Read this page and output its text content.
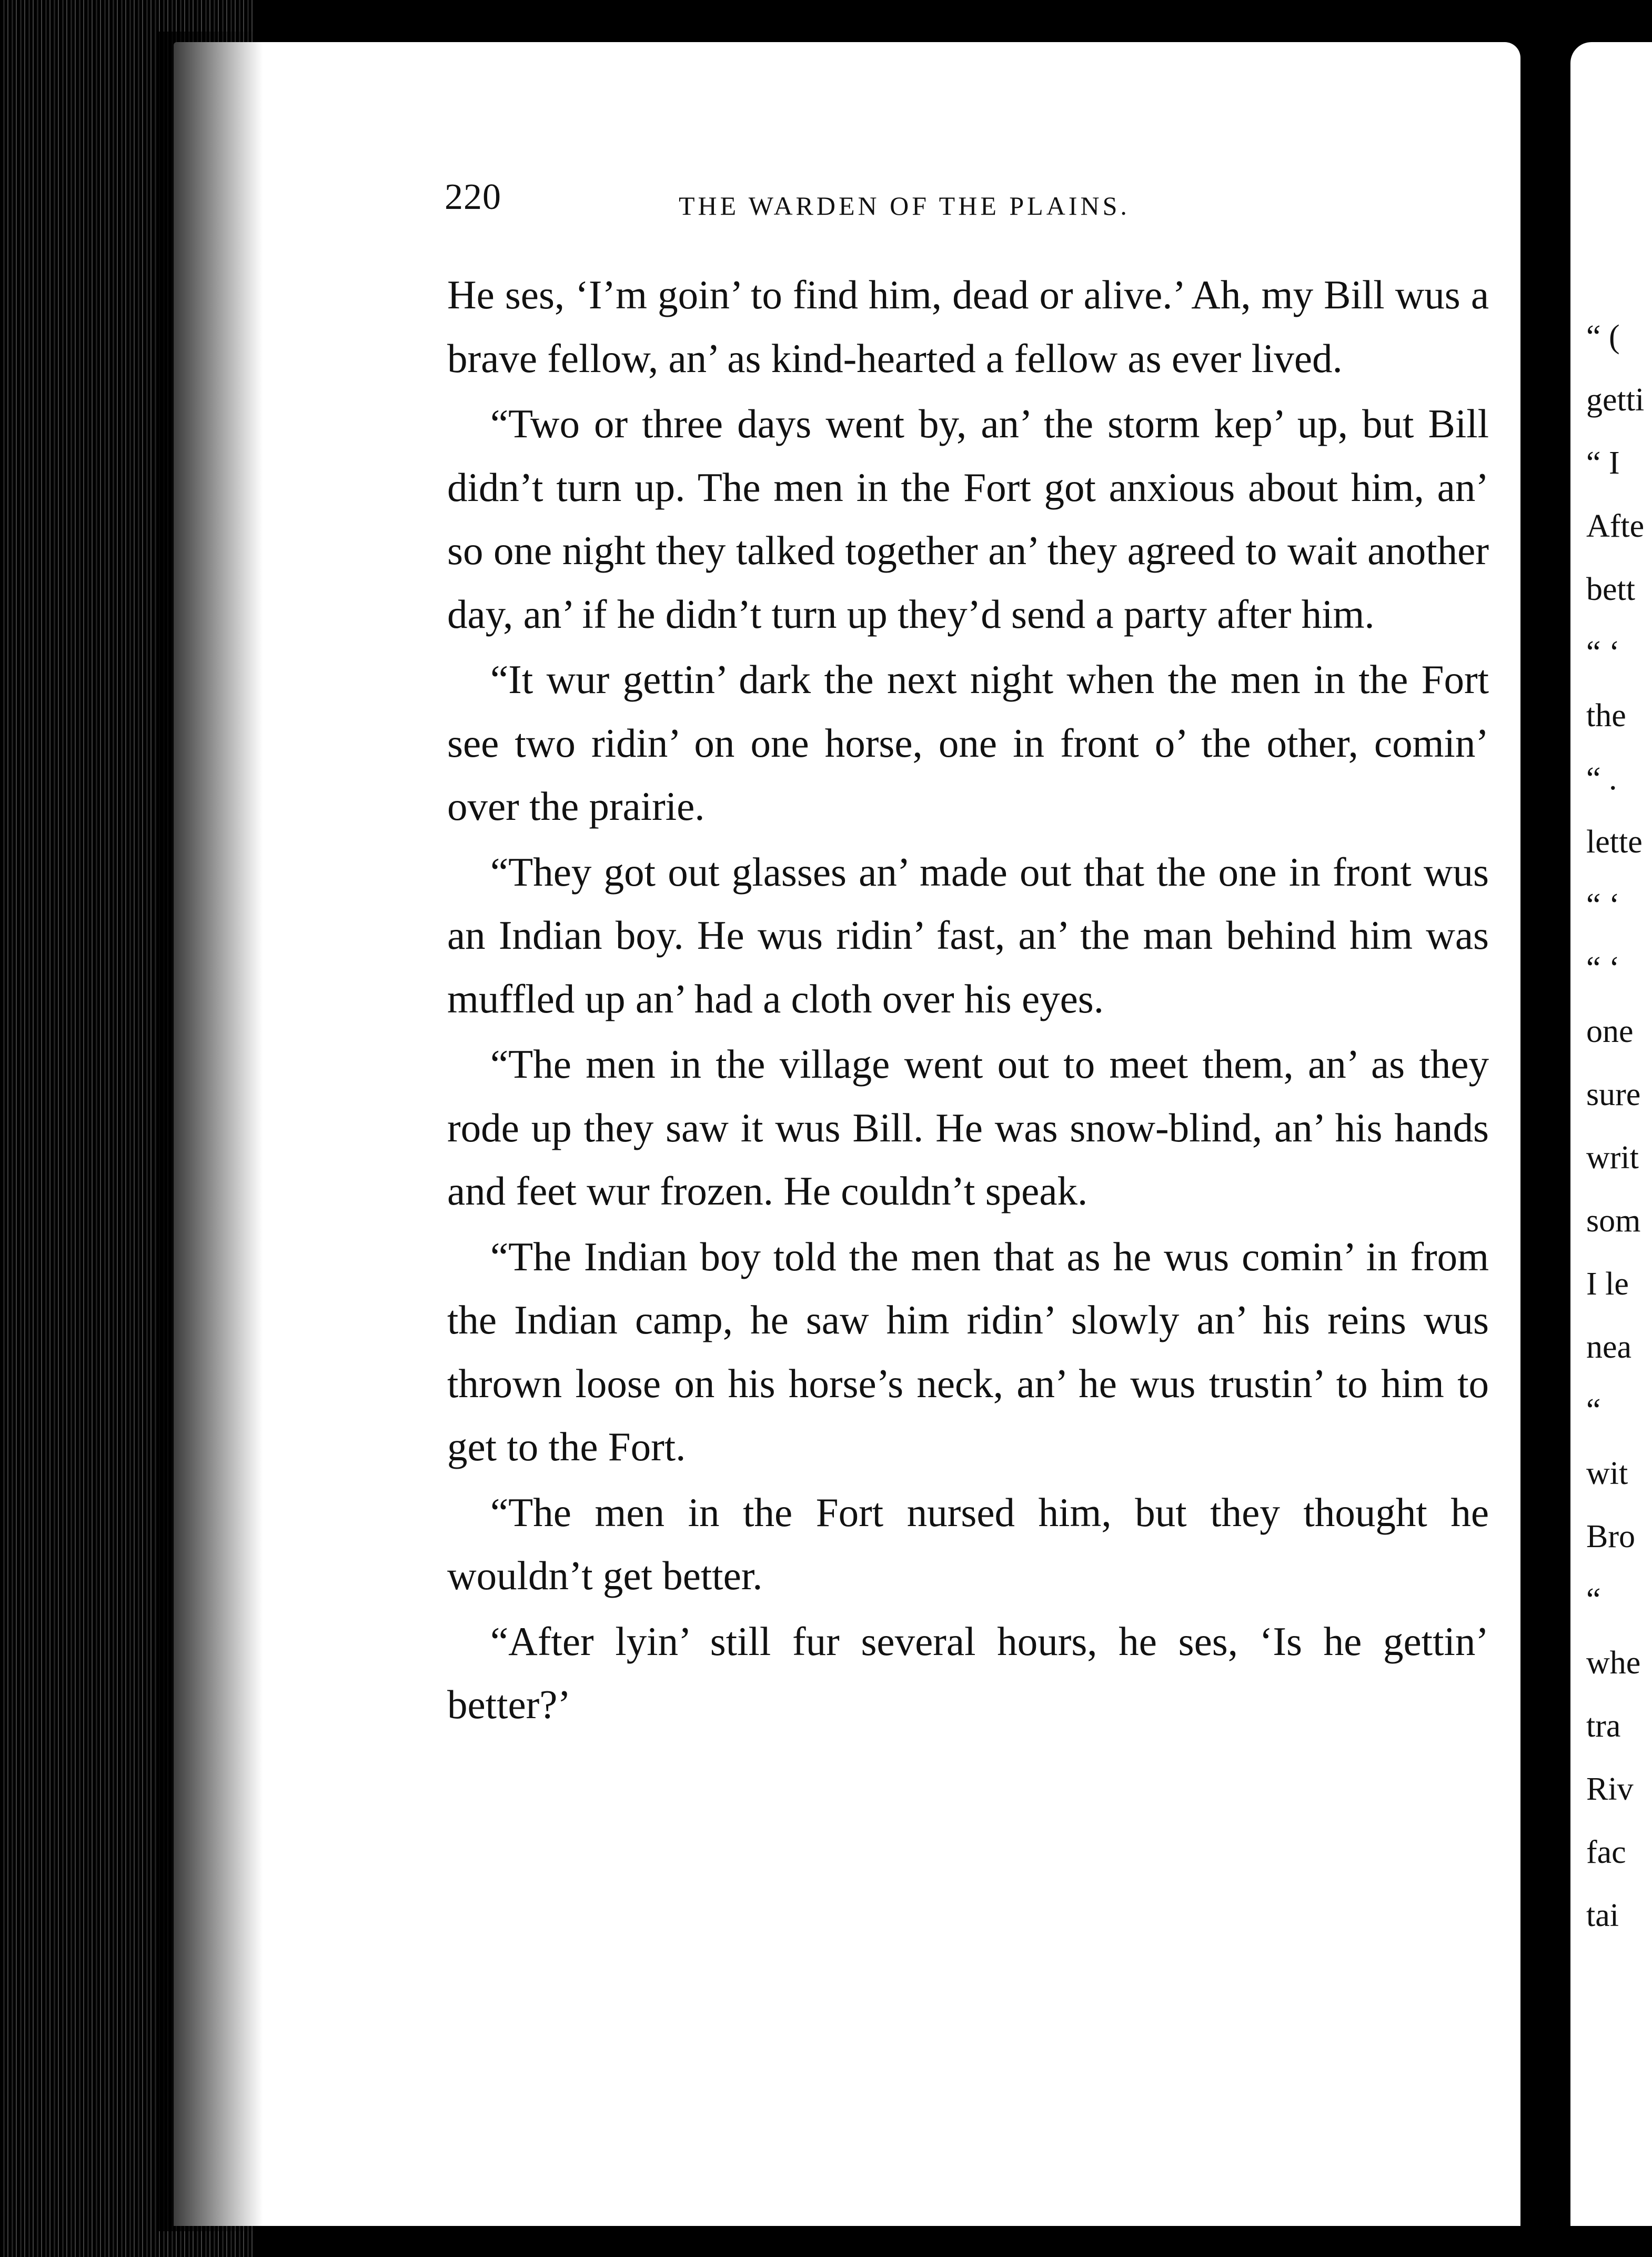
220	THE WARDEN OF THE PLAINS.

He ses, ‘I’m goin’ to find him, dead or alive.’ Ah, my Bill wus a brave fellow, an’ as kind-hearted a fellow as ever lived.

“Two or three days went by, an’ the storm kep’ up, but Bill didn’t turn up. The men in the Fort got anxious about him, an’ so one night they talked together an’ they agreed to wait another day, an’ if he didn’t turn up they’d send a party after him.

“It wur gettin’ dark the next night when the men in the Fort see two ridin’ on one horse, one in front o’ the other, comin’ over the prairie.

“They got out glasses an’ made out that the one in front wus an Indian boy. He wus ridin’ fast, an’ the man behind him was muffled up an’ had a cloth over his eyes.

“The men in the village went out to meet them, an’ as they rode up they saw it wus Bill. He was snow-blind, an’ his hands and feet wur frozen. He couldn’t speak.

“The Indian boy told the men that as he wus comin’ in from the Indian camp, he saw him ridin’ slowly an’ his reins wus thrown loose on his horse’s neck, an’ he wus trustin’ to him to get to the Fort.

“The men in the Fort nursed him, but they thought he wouldn’t get better.

“After lyin’ still fur several hours, he ses, ‘Is he gettin’ better?’

“ (
getti
“ I
Afte
bett
“ ‘
the
“ .
lette
“ ‘
“ ‘
one
sure
writ
som
I le
nea
“
wit
Bro
“
whe
tra
Riv
fac
tai
